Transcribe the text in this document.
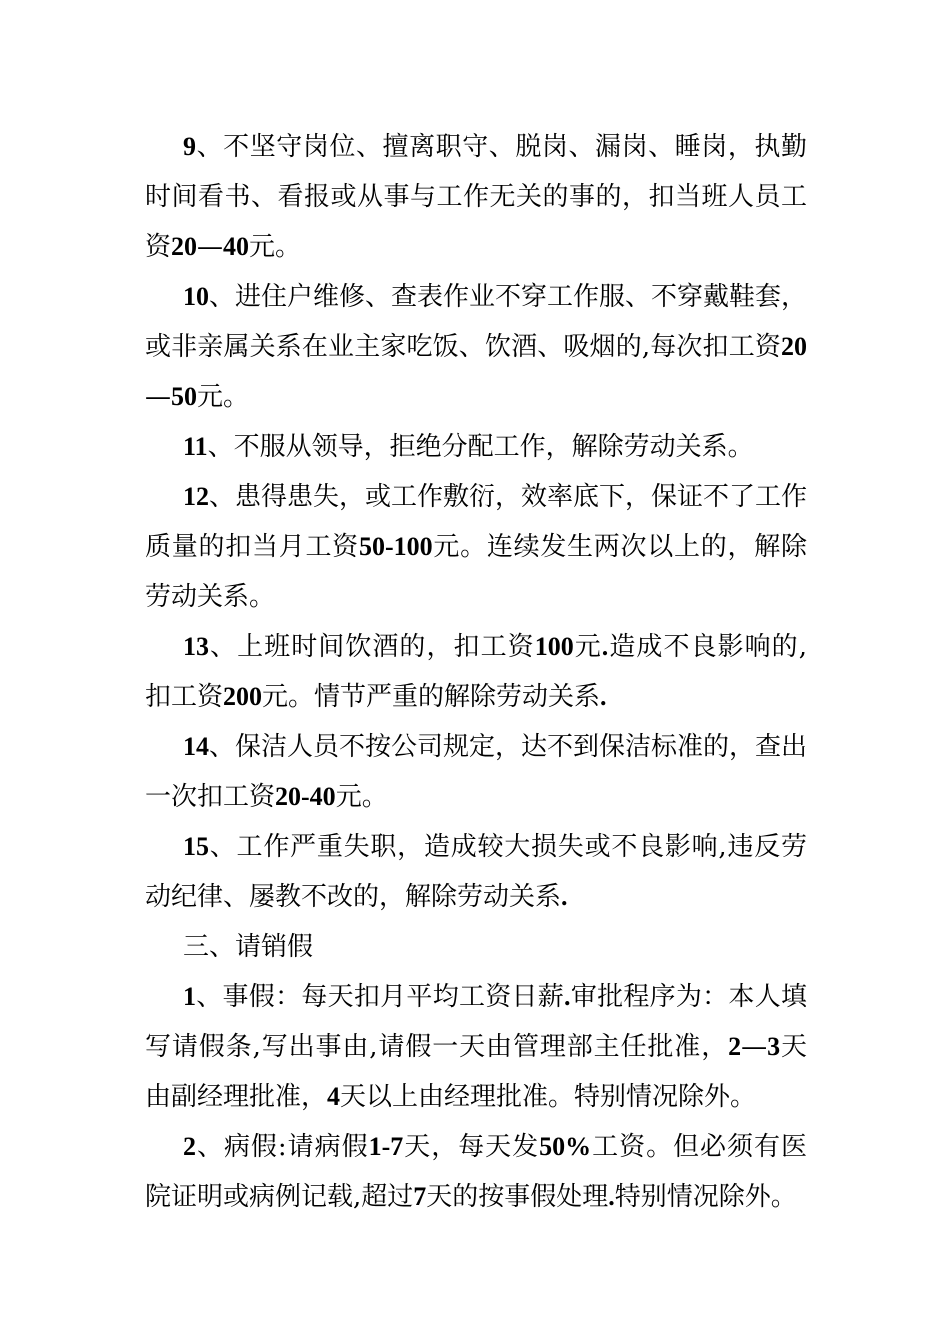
9、不坚守岗位、擅离职守、脱岗、漏岗、睡岗，执勤时间看书、看报或从事与工作无关的事的，扣当班人员工资20—40元。

10、进住户维修、查表作业不穿工作服、不穿戴鞋套，或非亲属关系在业主家吃饭、饮酒、吸烟的,每次扣工资20—50元。

11、不服从领导，拒绝分配工作，解除劳动关系。

12、患得患失，或工作敷衍，效率底下，保证不了工作质量的扣当月工资50-100元。连续发生两次以上的，解除劳动关系。

13、上班时间饮酒的，扣工资100元.造成不良影响的,扣工资200元。情节严重的解除劳动关系.

14、保洁人员不按公司规定，达不到保洁标准的，查出一次扣工资20-40元。

15、工作严重失职，造成较大损失或不良影响,违反劳动纪律、屡教不改的，解除劳动关系.

三、请销假

1、事假：每天扣月平均工资日薪.审批程序为：本人填写请假条,写出事由,请假一天由管理部主任批准，2—3天由副经理批准，4天以上由经理批准。特别情况除外。

2、病假:请病假1-7天，每天发50%工资。但必须有医院证明或病例记载,超过7天的按事假处理.特别情况除外。
